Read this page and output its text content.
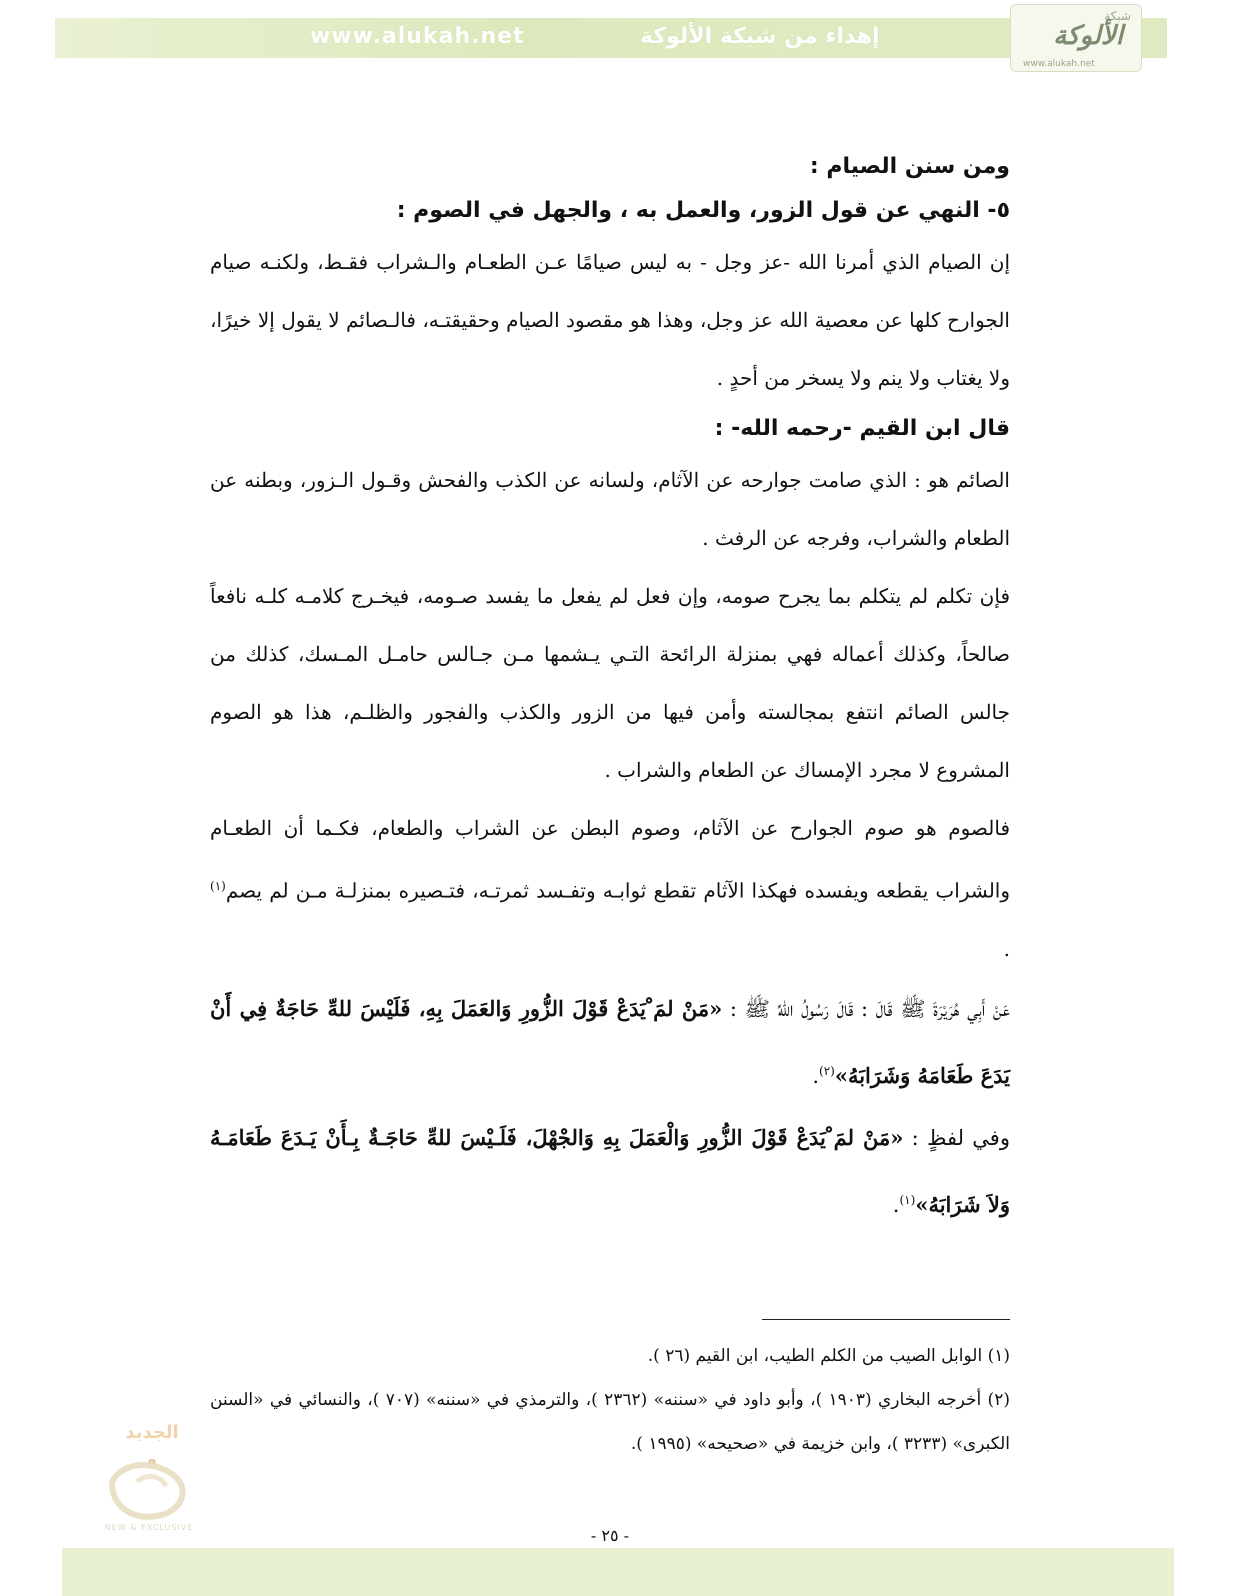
www.alukah.net	إهداء من شبكة الألوكة
شبكة
الألوكة
www.alukah.net

ومن سنن الصيام :

٥- النهي عن قول الزور، والعمل به ، والجهل في الصوم :

إن الصيام الذي أمرنا الله -عز وجل - به ليس صيامًا عـن الطعـام والـشراب فقـط، ولكنـه صيام الجوارح كلها عن معصية الله عز وجل، وهذا هو مقصود الصيام وحقيقتـه، فالـصائم لا يقول إلا خيرًا، ولا يغتاب ولا ينم ولا يسخر من أحدٍ .

قال ابن القيم -رحمه الله- :

الصائم هو : الذي صامت جوارحه عن الآثام، ولسانه عن الكذب والفحش وقـول الـزور، وبطنه عن الطعام والشراب، وفرجه عن الرفث .

فإن تكلم لم يتكلم بما يجرح صومه، وإن فعل لم يفعل ما يفسد صـومه، فيخـرج كلامـه كلـه نافعاً صالحاً، وكذلك أعماله فهي بمنزلة الرائحة التـي يـشمها مـن جـالس حامـل المـسك، كذلك من جالس الصائم انتفع بمجالسته وأمن فيها من الزور والكذب والفجور والظلـم، هذا هو الصوم المشروع لا مجرد الإمساك عن الطعام والشراب .

فالصوم هو صوم الجوارح عن الآثام، وصوم البطن عن الشراب والطعام، فكـما أن الطعـام والشراب يقطعه ويفسده فهكذا الآثام تقطع ثوابـه وتفـسد ثمرتـه، فتـصيره بمنزلـة مـن لم يصم$^{(١)}$ .

عَنْ أَبِي هُرَيْرَةَ ﷺ قَالَ : قَالَ رَسُولُ اللهِّ ﷺ : «مَنْ لمَ ْيَدَعْ قَوْلَ الزُّورِ وَالعَمَلَ بِهِ، فَلَيْسَ للهِّ حَاجَةٌ فِي أَنْ يَدَعَ طَعَامَهُ وَشَرَابَهُ»$^{(٢)}$.

وفي لفظٍ : «مَنْ لمَ ْيَدَعْ قَوْلَ الزُّورِ وَالْعَمَلَ بِهِ وَالجْهْلَ، فَلَـيْسَ للهِّ حَاجَـةٌ بِـأَنْ يَـدَعَ طَعَامَـهُ وَلاَ شَرَابَهُ»$^{(١)}$.

(١) الوابل الصيب من الكلم الطيب، ابن القيم (٢٦ ).

(٢) أخرجه البخاري (١٩٠٣ )، وأبو داود في «سننه» (٢٣٦٢ )، والترمذي في «سننه» (٧٠٧ )، والنسائي في «السنن الكبرى» (٣٢٣٣ )، وابن خزيمة في «صحيحه» (١٩٩٥ ).

الجديد
و
NEW & EXCLUSIVE	- ٢٥ -
